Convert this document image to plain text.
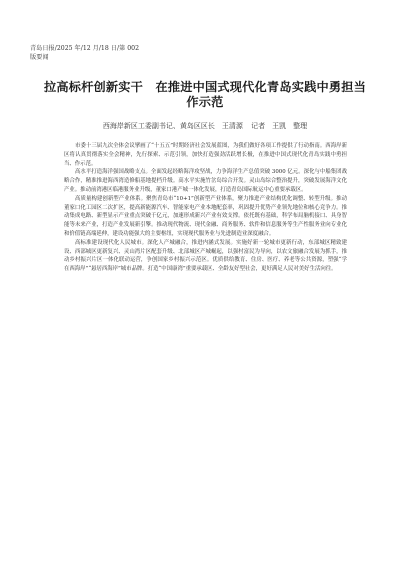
青岛日报/2025 年/12 月/18 日/第 002
版要闻
拉高标杆创新实干　在推进中国式现代化青岛实践中勇担当
作示范
西海岸新区工委副书记、黄岛区区长　王清源 记者　王凯　整理

市委十三届九次全体会议擘画了“十五五”时期经济社会发展蓝图，为我们做好各项工作提供了行动指南。西海岸新区将认真贯彻落实全会精神，先行探索、示范引领，加快打造强劲活跃增长极，在推进中国式现代化青岛实践中勇担当、作示范。

高水平打造海洋强国战略支点。全面发起经略海洋攻坚战，力争海洋生产总值突破 3000 亿元。深化与中船集团战略合作，精准推进海西湾造修船基地提档升级。高水平实施竹岔岛综合开发。灵山岛综合整治提升，突破发展海洋文化产业。推动前湾港区临港服务业升级，董家口港产城一体化发展，打造青岛国际航运中心重要承载区。

高质量构建创新型产业体系。聚焦青岛市“10+1”创新型产业体系，聚力推进产业结构优化调整、转型升级。推动董家口化工园区二次扩区，提高新能源汽车、智能家电产业本地配套率，巩固提升优势产业领先地位和核心竞争力。推动集成电路、新型显示产业重点突破千亿元，加速形成新兴产业有效支撑。依托既有基础，科学布局脑机接口、具身智能等未来产业，打造产业发展新引擎。推动现代物流、现代金融、商务服务、软件和信息服务等生产性服务业向专业化和价值链高端延伸，建设功能强大的主要枢纽，实现现代服务业与先进制造业深度融合。

高标准建设现代化人民城市。深化人产城融合，推进内涵式发展。实施好新一轮城市更新行动，东部城区精致建设、西部城区更新复兴、灵山湾片区配套升级、北部城区产城崛起，以强村富民为导向，以农文旅融合发展为抓手，推动乡村振兴片区一体化联动运营，争创国家乡村振兴示范区。优质供给教育、住房、医疗、养老等公共资源，塑强“学在西海岸”“悬居西海岸”城市品牌。打造“中国康湾”重要承载区、全龄友好型社会，更好满足人民对美好生活向往。
